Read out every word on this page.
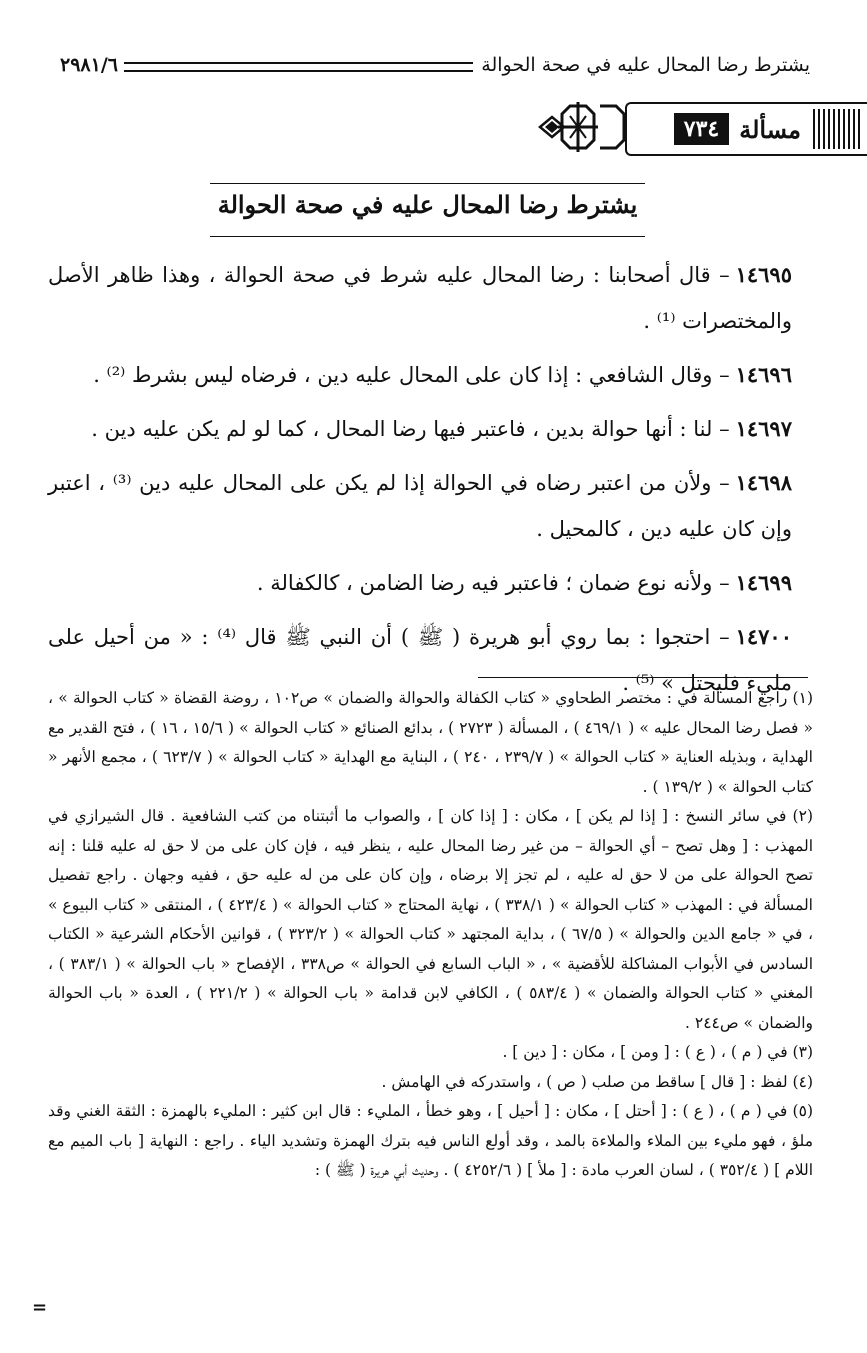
يشترط رضا المحال عليه في صحة الحوالة
٢٩٨١/٦
مسألة
٧٣٤
يشترط رضا المحال عليه في صحة الحوالة

١٤٦٩٥– قال أصحابنا : رضا المحال عليه شرط في صحة الحوالة ، وهذا ظاهر الأصل والمختصرات ⁽¹⁾ .

١٤٦٩٦– وقال الشافعي : إذا كان على المحال عليه دين ، فرضاه ليس بشرط ⁽²⁾ .

١٤٦٩٧– لنا : أنها حوالة بدين ، فاعتبر فيها رضا المحال ، كما لو لم يكن عليه دين .

١٤٦٩٨– ولأن من اعتبر رضاه في الحوالة إذا لم يكن على المحال عليه دين ⁽³⁾ ، اعتبر وإن كان عليه دين ، كالمحيل .

١٤٦٩٩– ولأنه نوع ضمان ؛ فاعتبر فيه رضا الضامن ، كالكفالة .

١٤٧٠٠– احتجوا : بما روي أبو هريرة ( ﷺ ) أن النبي ﷺ قال ⁽⁴⁾ : « من أحيل على مليء فليحتل » ⁽⁵⁾ .

(١) راجع المسألة في : مختصر الطحاوي « كتاب الكفالة والحوالة والضمان » ص١٠٢ ، روضة القضاة « كتاب الحوالة » ، « فصل رضا المحال عليه » ( ٤٦٩/١ ) ، المسألة ( ٢٧٢٣ ) ، بدائع الصنائع « كتاب الحوالة » ( ١٥/٦ ، ١٦ ) ، فتح القدير مع الهداية ، وبذيله العناية « كتاب الحوالة » ( ٢٣٩/٧ ، ٢٤٠ ) ، البناية مع الهداية « كتاب الحوالة » ( ٦٢٣/٧ ) ، مجمع الأنهر « كتاب الحوالة » ( ١٣٩/٢ ) .

(٢) في سائر النسخ : [ إذا لم يكن ] ، مكان : [ إذا كان ] ، والصواب ما أثبتناه من كتب الشافعية . قال الشيرازي في المهذب : [ وهل تصح – أي الحوالة – من غير رضا المحال عليه ، ينظر فيه ، فإن كان على من لا حق له عليه قلنا : إنه تصح الحوالة على من لا حق له عليه ، لم تجز إلا برضاه ، وإن كان على من له عليه حق ، ففيه وجهان . راجع تفصيل المسألة في : المهذب « كتاب الحوالة » ( ٣٣٨/١ ) ، نهاية المحتاج « كتاب الحوالة » ( ٤٢٣/٤ ) ، المنتقى « كتاب البيوع » ، في « جامع الدين والحوالة » ( ٦٧/٥ ) ، بداية المجتهد « كتاب الحوالة » ( ٣٢٣/٢ ) ، قوانين الأحكام الشرعية « الكتاب السادس في الأبواب المشاكلة للأقضية » ، « الباب السابع في الحوالة » ص٣٣٨ ، الإفصاح « باب الحوالة » ( ٣٨٣/١ ) ، المغني « كتاب الحوالة والضمان » ( ٥٨٣/٤ ) ، الكافي لابن قدامة « باب الحوالة » ( ٢٢١/٢ ) ، العدة « باب الحوالة والضمان » ص٢٤٤ .

(٣) في ( م ) ، ( ع ) : [ ومن ] ، مكان : [ دين ] .

(٤) لفظ : [ قال ] ساقط من صلب ( ص ) ، واستدركه في الهامش .

(٥) في ( م ) ، ( ع ) : [ أحتل ] ، مكان : [ أحيل ] ، وهو خطأ ، المليء : قال ابن كثير : المليء بالهمزة : الثقة الغني وقد ملؤ ، فهو مليء بين الملاء والملاءة بالمد ، وقد أولع الناس فيه بترك الهمزة وتشديد الياء . راجع : النهاية [ باب الميم مع اللام ] ( ٣٥٢/٤ ) ، لسان العرب مادة : [ ملأ ] ( ٤٢٥٢/٦ ) . وحديث أبي هريرة ( ﷺ ) :

=
